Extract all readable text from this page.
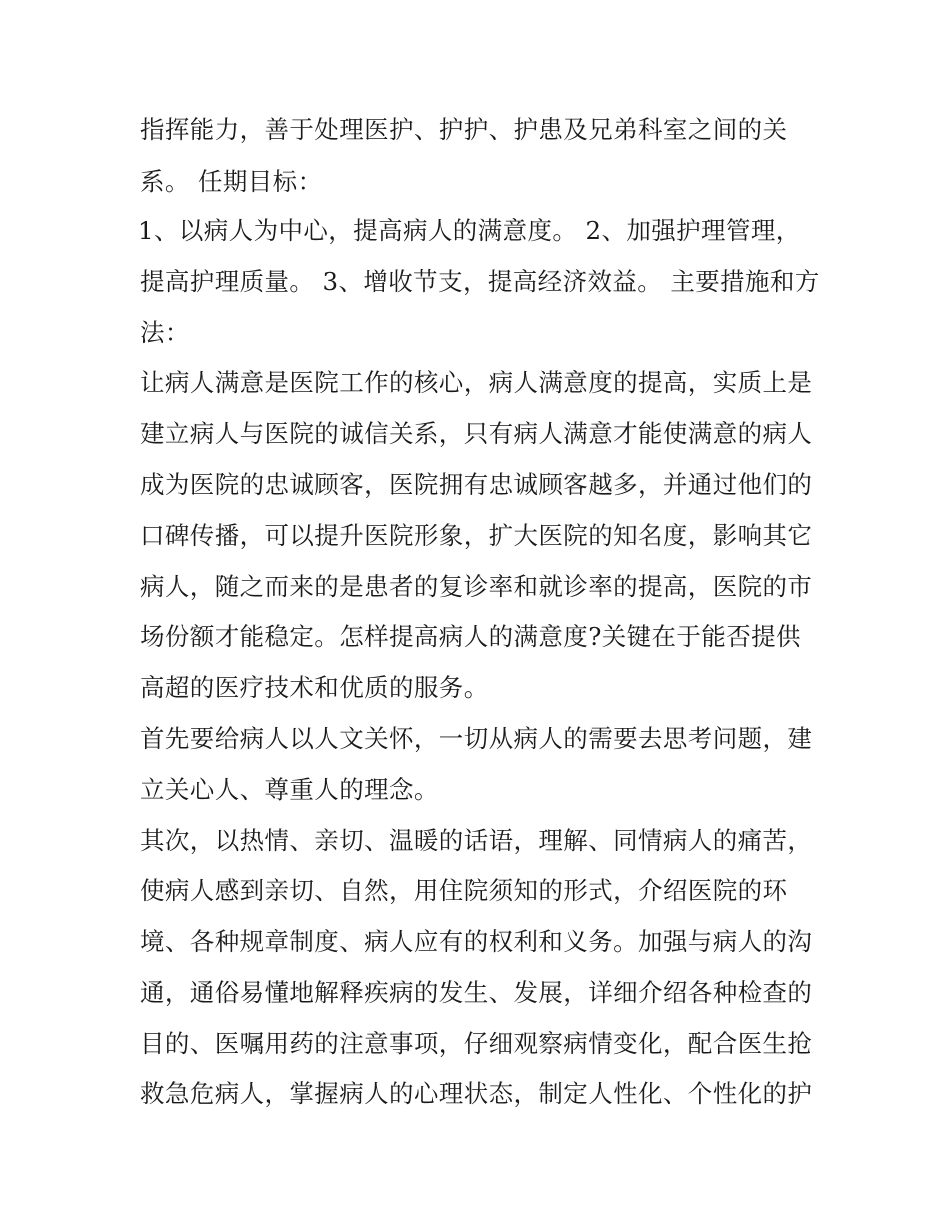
指挥能力，善于处理医护、护护、护患及兄弟科室之间的关
系。 任期目标：
1、以病人为中心，提高病人的满意度。 2、加强护理管理，
提高护理质量。 3、增收节支，提高经济效益。 主要措施和方
法：
让病人满意是医院工作的核心，病人满意度的提高，实质上是
建立病人与医院的诚信关系，只有病人满意才能使满意的病人
成为医院的忠诚顾客，医院拥有忠诚顾客越多，并通过他们的
口碑传播，可以提升医院形象，扩大医院的知名度，影响其它
病人，随之而来的是患者的复诊率和就诊率的提高，医院的市
场份额才能稳定。怎样提高病人的满意度?关键在于能否提供
高超的医疗技术和优质的服务。
首先要给病人以人文关怀，一切从病人的需要去思考问题，建
立关心人、尊重人的理念。
其次，以热情、亲切、温暖的话语，理解、同情病人的痛苦，
使病人感到亲切、自然，用住院须知的形式，介绍医院的环
境、各种规章制度、病人应有的权利和义务。加强与病人的沟
通，通俗易懂地解释疾病的发生、发展，详细介绍各种检查的
目的、医嘱用药的注意事项，仔细观察病情变化，配合医生抢
救急危病人，掌握病人的心理状态，制定人性化、个性化的护
